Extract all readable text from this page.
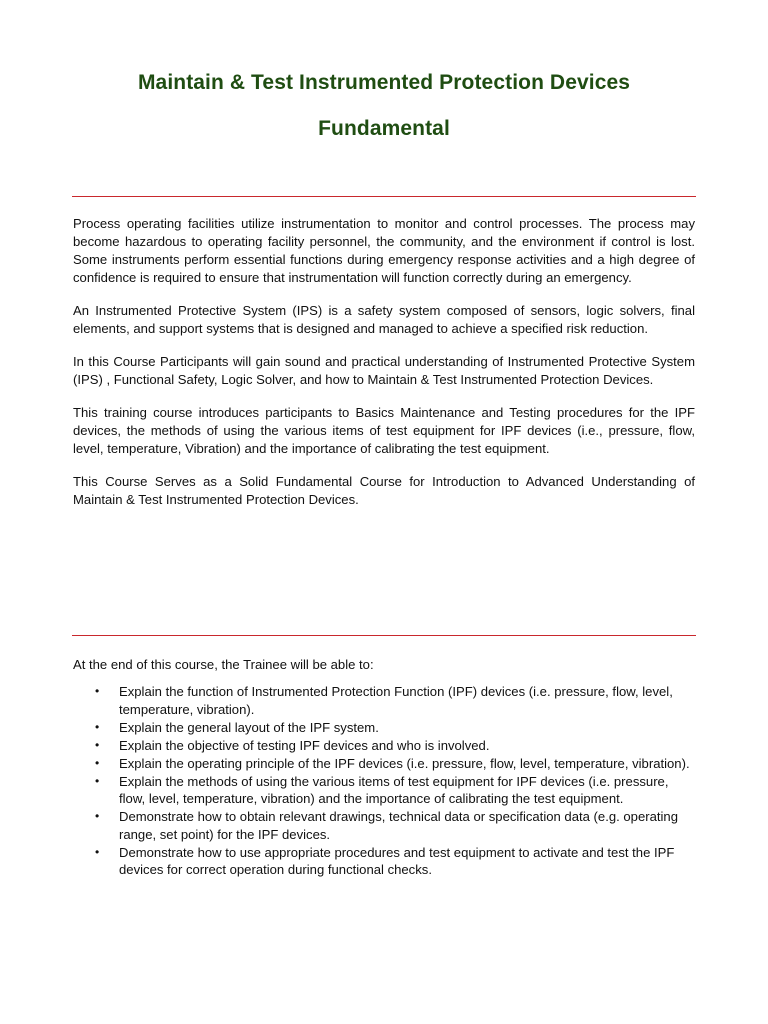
Maintain & Test Instrumented Protection Devices
Fundamental

Process operating facilities utilize instrumentation to monitor and control processes. The process may become hazardous to operating facility personnel, the community, and the environment if control is lost. Some instruments perform essential functions during emergency response activities and a high degree of confidence is required to ensure that instrumentation will function correctly during an emergency.

An Instrumented Protective System (IPS) is a safety system composed of sensors, logic solvers, final elements, and support systems that is designed and managed to achieve a specified risk reduction.

In this Course Participants will gain sound and practical understanding of Instrumented Protective System (IPS) , Functional Safety, Logic Solver, and how to Maintain & Test Instrumented Protection Devices.

This training course introduces participants to Basics Maintenance and Testing procedures for the IPF devices, the methods of using the various items of test equipment for IPF devices (i.e., pressure, flow, level, temperature, Vibration) and the importance of calibrating the test equipment.

This Course Serves as a Solid Fundamental Course for Introduction to Advanced Understanding of Maintain & Test Instrumented Protection Devices.

At the end of this course, the Trainee will be able to:

• Explain the function of Instrumented Protection Function (IPF) devices (i.e. pressure, flow, level, temperature, vibration).
• Explain the general layout of the IPF system.
• Explain the objective of testing IPF devices and who is involved.
• Explain the operating principle of the IPF devices (i.e. pressure, flow, level, temperature, vibration).
• Explain the methods of using the various items of test equipment for IPF devices (i.e. pressure, flow, level, temperature, vibration) and the importance of calibrating the test equipment.
• Demonstrate how to obtain relevant drawings, technical data or specification data (e.g. operating range, set point) for the IPF devices.
• Demonstrate how to use appropriate procedures and test equipment to activate and test the IPF devices for correct operation during functional checks.
